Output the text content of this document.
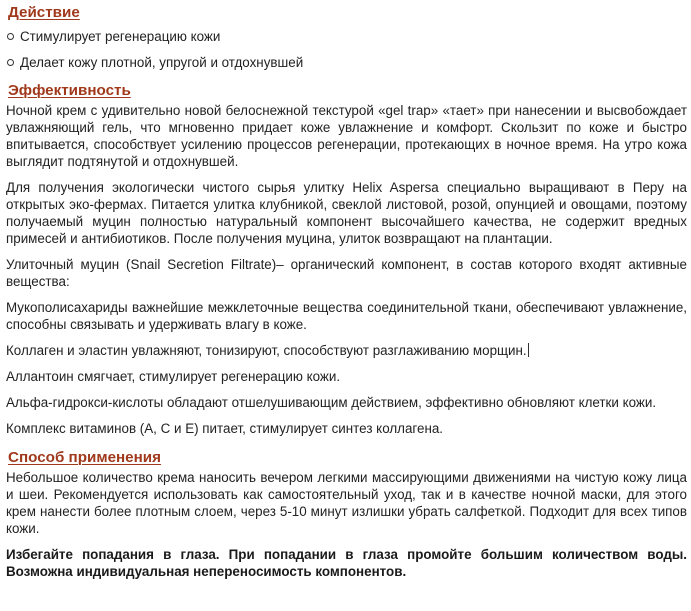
Действие
Стимулирует регенерацию кожи
Делает кожу плотной, упругой и отдохнувшей
Эффективность

Ночной крем с удивительно новой белоснежной текстурой «gel trap» «тает» при нанесении и высвобождает увлажняющий гель, что мгновенно придает коже увлажнение и комфорт. Скользит по коже и быстро впитывается, способствует усилению процессов регенерации, протекающих в ночное время. На утро кожа выглядит подтянутой и отдохнувшей.

Для получения экологически чистого сырья улитку Helix Aspersa специально выращивают в Перу на открытых эко-фермах. Питается улитка клубникой, свеклой листовой, розой, опунцией и овощами, поэтому получаемый муцин полностью натуральный компонент высочайшего качества, не содержит вредных примесей и антибиотиков. После получения муцина, улиток возвращают на плантации.

Улиточный муцин (Snail Secretion Filtrate)– органический компонент, в состав которого входят активные вещества:

Мукополисахариды важнейшие межклеточные вещества соединительной ткани, обеспечивают увлажнение, способны связывать и удерживать влагу в коже.

Коллаген и эластин увлажняют, тонизируют, способствуют разглаживанию морщин.

Аллантоин смягчает, стимулирует регенерацию кожи.

Альфа-гидрокси-кислоты обладают отшелушивающим действием, эффективно обновляют клетки кожи.

Комплекс витаминов (А, С и Е) питает, стимулирует синтез коллагена.

Способ применения

Небольшое количество крема наносить вечером легкими массирующими движениями на чистую кожу лица и шеи. Рекомендуется использовать как самостоятельный уход, так и в качестве ночной маски, для этого крем нанести более плотным слоем, через 5-10 минут излишки убрать салфеткой. Подходит для всех типов кожи.

Избегайте попадания в глаза. При попадании в глаза промойте большим количеством воды. Возможна индивидуальная непереносимость компонентов.
